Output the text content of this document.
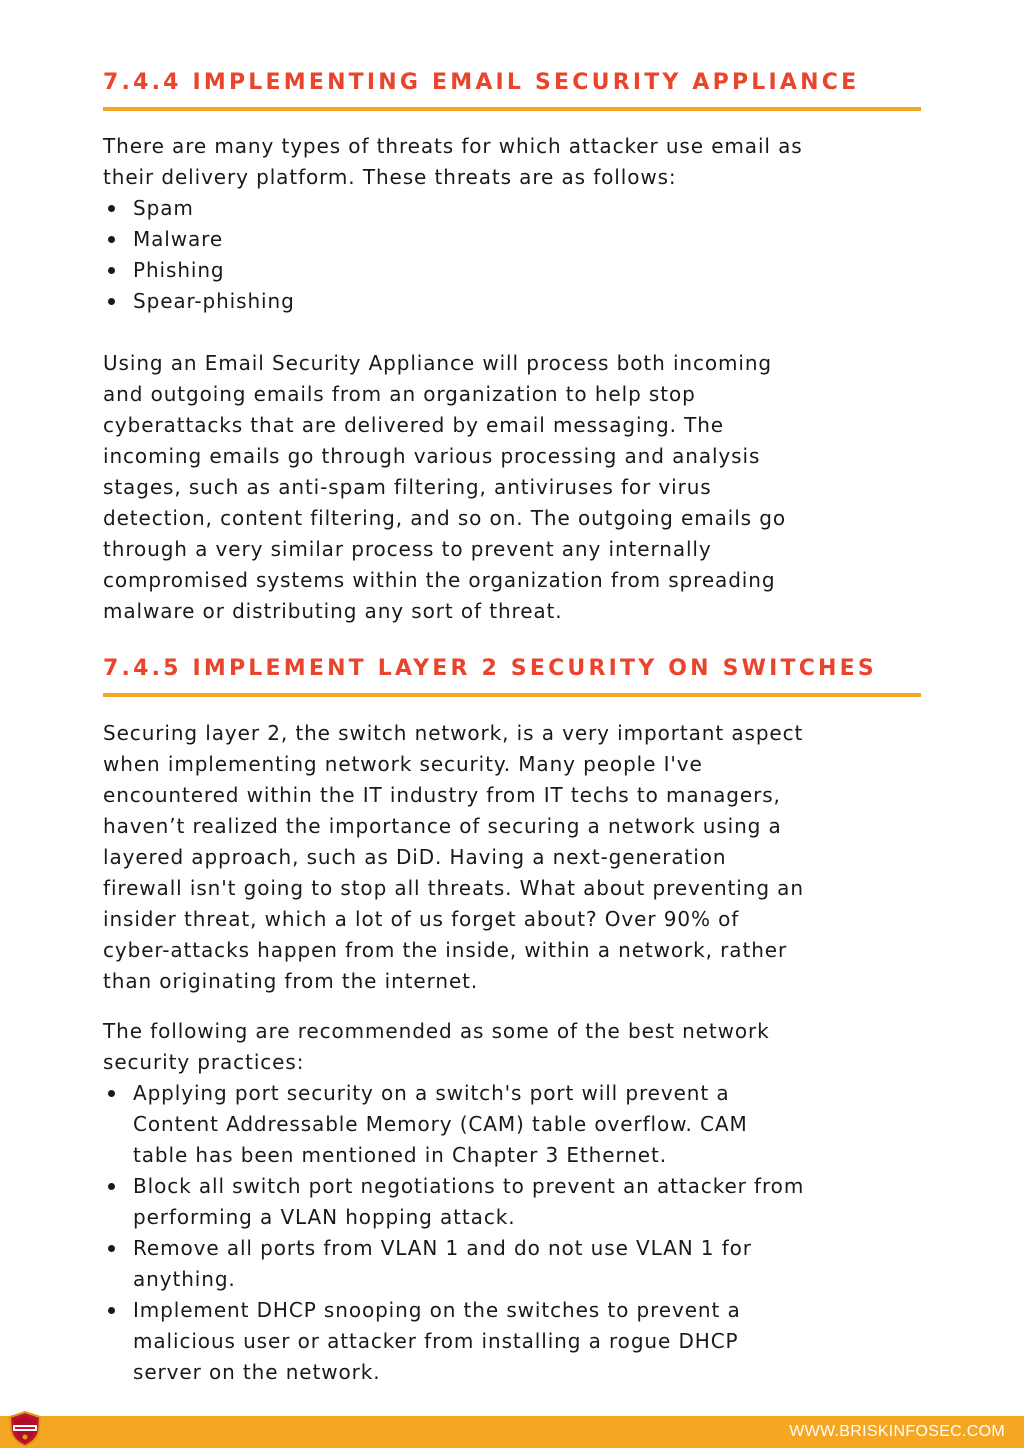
7.4.4 IMPLEMENTING EMAIL SECURITY APPLIANCE

There are many types of threats for which attacker use email as
their delivery platform. These threats are as follows:

Spam
Malware
Phishing
Spear-phishing

Using an Email Security Appliance will process both incoming
and outgoing emails from an organization to help stop
cyberattacks that are delivered by email messaging. The
incoming emails go through various processing and analysis
stages, such as anti-spam filtering, antiviruses for virus
detection, content filtering, and so on. The outgoing emails go
through a very similar process to prevent any internally
compromised systems within the organization from spreading
malware or distributing any sort of threat.

7.4.5 IMPLEMENT LAYER 2 SECURITY ON SWITCHES

Securing layer 2, the switch network, is a very important aspect
when implementing network security. Many people I've
encountered within the IT industry from IT techs to managers,
haven’t realized the importance of securing a network using a
layered approach, such as DiD. Having a next-generation
firewall isn't going to stop all threats. What about preventing an
insider threat, which a lot of us forget about? Over 90% of
cyber-attacks happen from the inside, within a network, rather
than originating from the internet.

The following are recommended as some of the best network
security practices:

Applying port security on a switch's port will prevent a
Content Addressable Memory (CAM) table overflow. CAM
table has been mentioned in Chapter 3 Ethernet.
Block all switch port negotiations to prevent an attacker from
performing a VLAN hopping attack.
Remove all ports from VLAN 1 and do not use VLAN 1 for
anything.
Implement DHCP snooping on the switches to prevent a
malicious user or attacker from installing a rogue DHCP
server on the network.
WWW.BRISKINFOSEC.COM
